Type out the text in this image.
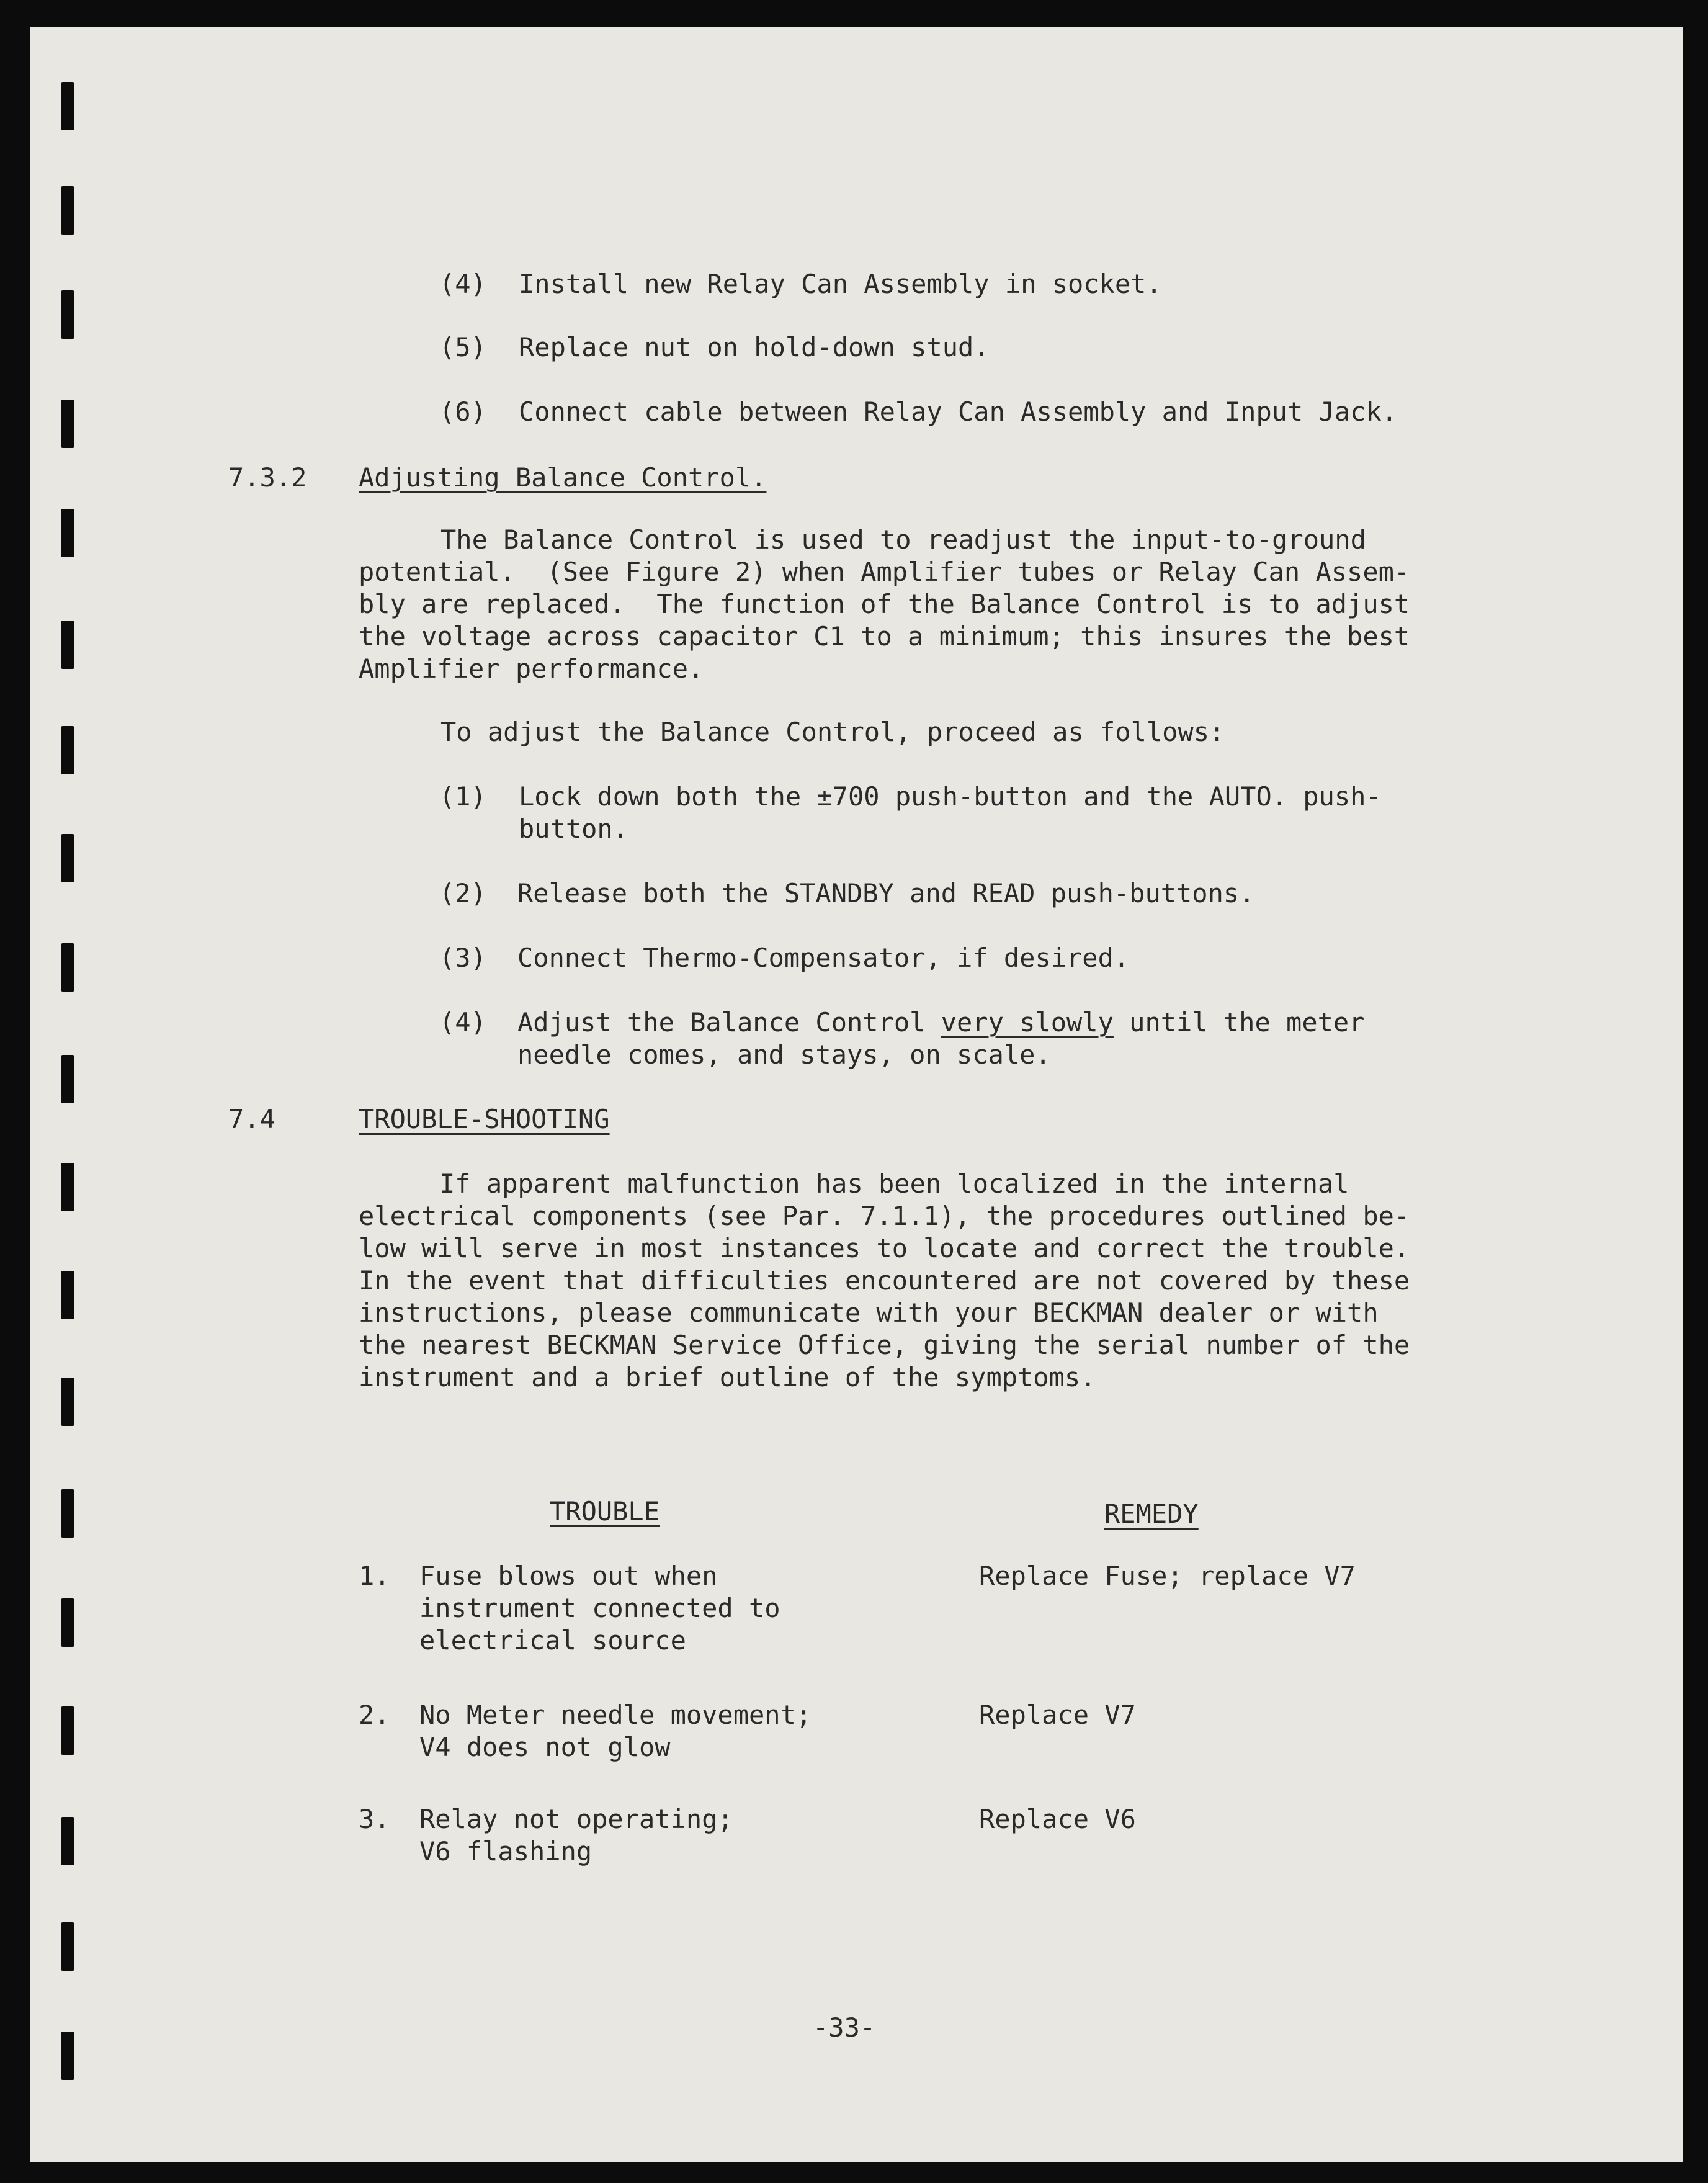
(4) Install new Relay Can Assembly in socket.
(5) Replace nut on hold-down stud.
(6) Connect cable between Relay Can Assembly and Input Jack.
7.3.2 Adjusting Balance Control.
The Balance Control is used to readjust the input-to-ground
potential.  (See Figure 2) when Amplifier tubes or Relay Can Assem-
bly are replaced.  The function of the Balance Control is to adjust
the voltage across capacitor C1 to a minimum; this insures the best
Amplifier performance.
To adjust the Balance Control, proceed as follows:
(1) Lock down both the ±700 push-button and the AUTO. push-
button.
(2) Release both the STANDBY and READ push-buttons.
(3) Connect Thermo-Compensator, if desired.
(4) Adjust the Balance Control very slowly until the meter
needle comes, and stays, on scale.
7.4	TROUBLE-SHOOTING
If apparent malfunction has been localized in the internal
electrical components (see Par. 7.1.1), the procedures outlined be-
low will serve in most instances to locate and correct the trouble.
In the event that difficulties encountered are not covered by these
instructions, please communicate with your BECKMAN dealer or with
the nearest BECKMAN Service Office, giving the serial number of the
instrument and a brief outline of the symptoms.
TROUBLE	REMEDY
1. Fuse blows out when
instrument connected to
electrical source
Replace Fuse; replace V7
2. No Meter needle movement;
V4 does not glow
Replace V7
3. Relay not operating;
V6 flashing
Replace V6
-33-
